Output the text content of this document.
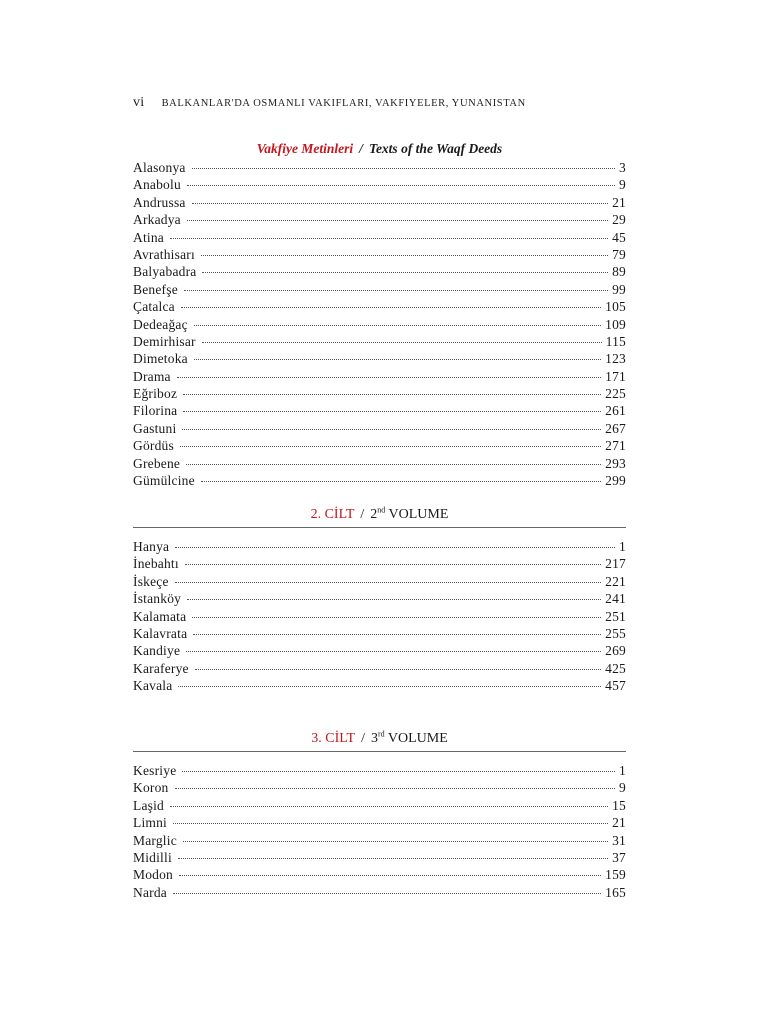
vi BALKANLAR'DA OSMANLI VAKIFLARI, VAKFIYELER, YUNANISTAN
Vakfiye Metinleri / Texts of the Waqf Deeds
Alasonya	3
Anabolu	9
Andrussa	21
Arkadya	29
Atina	45
Avrathisarı	79
Balyabadra	89
Benefşe	99
Çatalca	105
Dedeağaç	109
Demirhisar	115
Dimetoka	123
Drama	171
Eğriboz	225
Filorina	261
Gastuni	267
Gördüs	271
Grebene	293
Gümülcine	299
2. CİLT / 2nd VOLUME
Hanya	1
İnebahtı	217
İskeçe	221
İstanköy	241
Kalamata	251
Kalavrata	255
Kandiye	269
Karaferye	425
Kavala	457
3. CİLT / 3rd VOLUME
Kesriye	1
Koron	9
Laşid	15
Limni	21
Marglic	31
Midilli	37
Modon	159
Narda	165
